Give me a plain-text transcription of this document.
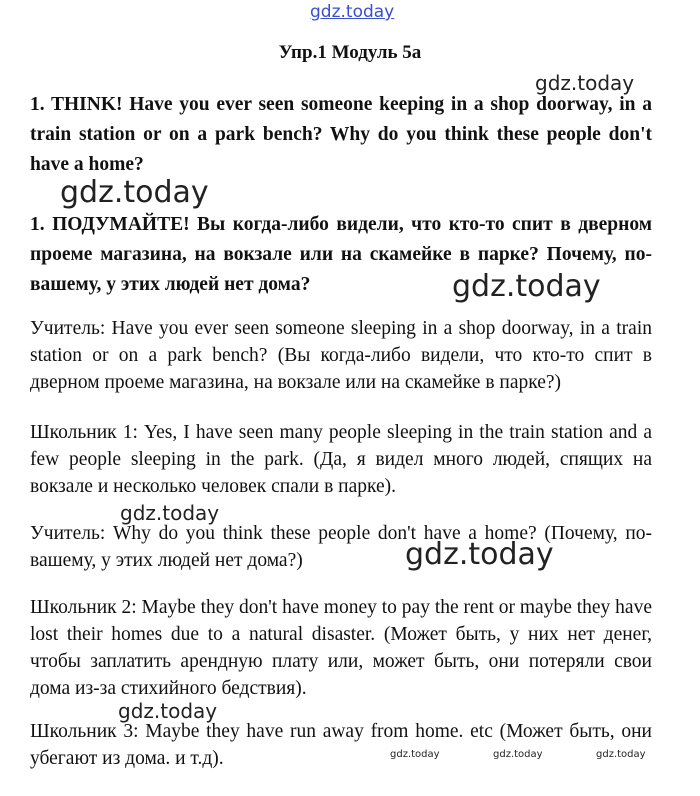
gdz.today
Упр.1 Модуль 5а

1. THINK! Have you ever seen someone keeping in a shop doorway, in a train station or on a park bench? Why do you think these people don't have a home?

1. ПОДУМАЙТЕ! Вы когда-либо видели, что кто-то спит в дверном проеме магазина, на вокзале или на скамейке в парке? Почему, по-вашему, у этих людей нет дома?

Учитель: Have you ever seen someone sleeping in a shop doorway, in a train station or on a park bench? (Вы когда-либо видели, что кто-то спит в дверном проеме магазина, на вокзале или на скамейке в парке?)

Школьник 1: Yes, I have seen many people sleeping in the train station and a few people sleeping in the park. (Да, я видел много людей, спящих на вокзале и несколько человек спали в парке).

Учитель: Why do you think these people don't have a home? (Почему, по-вашему, у этих людей нет дома?)

Школьник 2: Maybe they don't have money to pay the rent or maybe they have lost their homes due to a natural disaster. (Может быть, у них нет денег, чтобы заплатить арендную плату или, может быть, они потеряли свои дома из-за стихийного бедствия).

Школьник 3: Maybe they have run away from home. etc (Может быть, они убегают из дома. и т.д).

gdz.today
gdz.today
gdz.today
gdz.today
gdz.today
gdz.today
gdz.today	gdz.today	gdz.today
